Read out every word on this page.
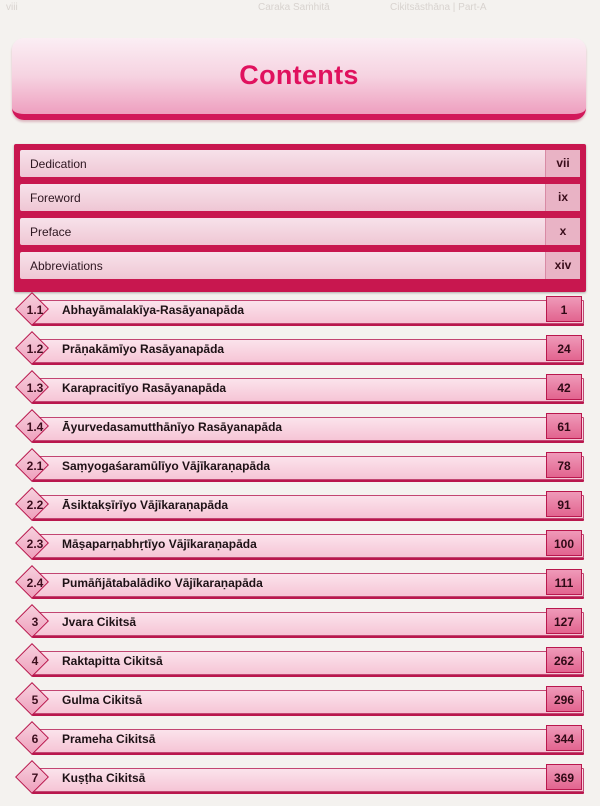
viii	Caraka Saṁhitā	Cikitsāsthāna | Part-A
Contents
Dedication	vii
Foreword	ix
Preface	x
Abbreviations	xiv
1.1	Abhayāmalakīya-Rasāyanapāda	1
1.2	Prāṇakāmīyo Rasāyanapāda	24
1.3	Karapracitīyo Rasāyanapāda	42
1.4	Āyurvedasamutthānīyo Rasāyanapāda	61
2.1	Saṃyogaśaramūlīyo Vājīkaraṇapāda	78
2.2	Āsiktakṣīrīyo Vājīkaraṇapāda	91
2.3	Māṣaparṇabhṛtīyo Vājīkaraṇapāda	100
2.4	Pumāñjātabalādiko Vājīkaraṇapāda	111
3	Jvara Cikitsā	127
4	Raktapitta Cikitsā	262
5	Gulma Cikitsā	296
6	Prameha Cikitsā	344
7	Kuṣṭha Cikitsā	369
